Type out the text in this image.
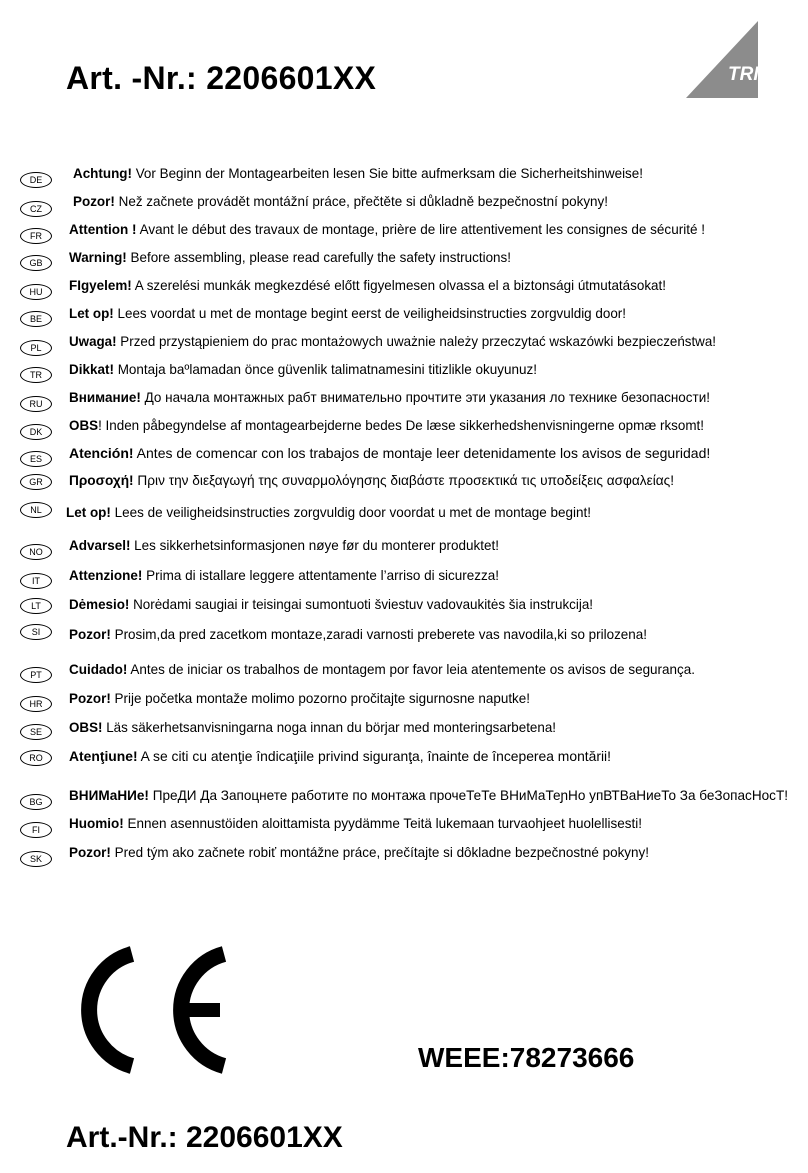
Art. -Nr.: 2206601XX	TRIO
DE	Achtung! Vor Beginn der Montagearbeiten lesen Sie bitte aufmerksam die Sicherheitshinweise!
CZ	Pozor! Než začnete provádět montážní práce, přečtěte si důkladně bezpečnostní pokyny!
FR	Attention ! Avant le début des travaux de montage, prière de lire attentivement les consignes de sécurité !
GB	Warning! Before assembling, please read carefully the safety instructions!
HU	FIgyelem! A szerelési munkák megkezdésé előtt figyelmesen olvassa el a biztonsági útmutatásokat!
BE	Let op! Lees voordat u met de montage begint eerst de veiligheidsinstructies zorgvuldig door!
PL	Uwaga! Przed przystąpieniem do prac montażowych uważnie należy przeczytać wskazówki bezpieczeństwa!
TR	Dikkat! Montaja baºlamadan önce güvenlik talimatnamesini titizlikle okuyunuz!
RU	Внимание! До начала монтажных рабт внимательно прочтите эти указания ло технике безопасности!
DK	OBS! Inden påbegyndelse af montagearbejderne bedes De læse sikkerhedshenvisningerne opmæ rksomt!
ES	Atención! Antes de comencar con los trabajos de montaje leer detenidamente los avisos de seguridad!
GR	Προσοχή! Πριν την διεξαγωγή της συναρμολόγησης διαβάστε προσεκτικά τις υποδείξεις ασφαλείας!
NL	Let op! Lees de veiligheidsinstructies zorgvuldig door voordat u met de montage begint!
NO	Advarsel! Les sikkerhetsinformasjonen nøye før du monterer produktet!
IT	Attenzione! Prima di istallare leggere attentamente l’arriso di sicurezza!
LT	Dėmesio! Norėdami saugiai ir teisingai sumontuoti šviestuv vadovaukitės šia instrukcija!
SI	Pozor! Prosim,da pred zacetkom montaze,zaradi varnosti preberete vas navodila,ki so prilozena!
PT	Cuidado! Antes de iniciar os trabalhos de montagem por favor leia atentemente os avisos de segurança.
HR	Pozor! Prije početka montaže molimo pozorno pročitajte sigurnosne naputke!
SE	OBS! Läs säkerhetsanvisningarna noga innan du börjar med monteringsarbetena!
RO	Atenţiune! A se citi cu atenţie îndicaţiile privind siguranţa, înainte de începerea montării!
BG	ВНИМаНИе! ПреДИ Да Запоцнете работите по монтажа прочеТеТе ВНиМаТеɲНо упВТВаНиеТо За беЗопасНосТ!
FI	Huomio! Ennen asennustöiden aloittamista pyydämme Teitä lukemaan turvaohjeet huolellisesti!
SK	Pozor! Pred tým ako začnete robiť montážne práce, prečítajte si dôkladne bezpečnostné pokyny!
WEEE:78273666
Art.-Nr.: 2206601XX
